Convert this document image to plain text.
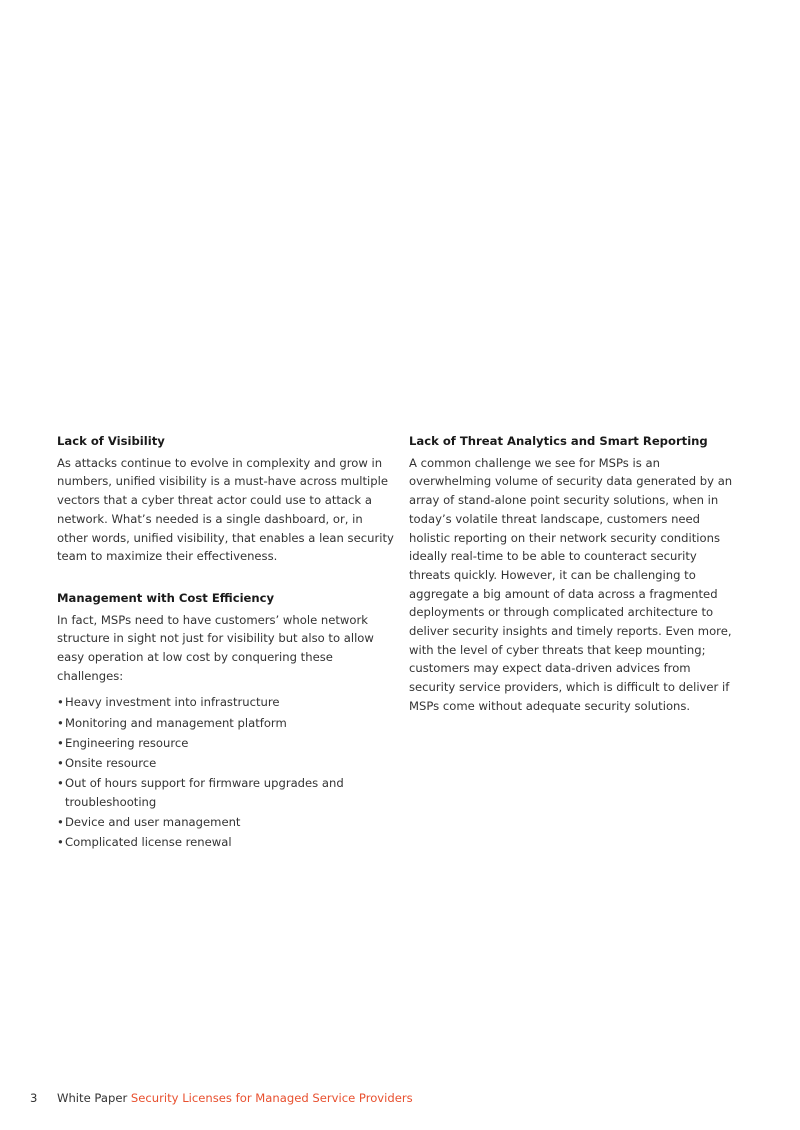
Lack of Visibility

As attacks continue to evolve in complexity and grow in numbers, unified visibility is a must-have across multiple vectors that a cyber threat actor could use to attack a network. What’s needed is a single dashboard, or, in other words, unified visibility, that enables a lean security team to maximize their effectiveness.

Management with Cost Efficiency

In fact, MSPs need to have customers’ whole network structure in sight not just for visibility but also to allow easy operation at low cost by conquering these challenges:

• Heavy investment into infrastructure
• Monitoring and management platform
• Engineering resource
• Onsite resource
• Out of hours support for firmware upgrades and troubleshooting
• Device and user management
• Complicated license renewal

Lack of Threat Analytics and Smart Reporting

A common challenge we see for MSPs is an overwhelming volume of security data generated by an array of stand-alone point security solutions, when in today’s volatile threat landscape, customers need holistic reporting on their network security conditions ideally real-time to be able to counteract security threats quickly. However, it can be challenging to aggregate a big amount of data across a fragmented deployments or through complicated architecture to deliver security insights and timely reports. Even more, with the level of cyber threats that keep mounting; customers may expect data-driven advices from security service providers, which is difficult to deliver if MSPs come without adequate security solutions.

3 White Paper Security Licenses for Managed Service Providers
